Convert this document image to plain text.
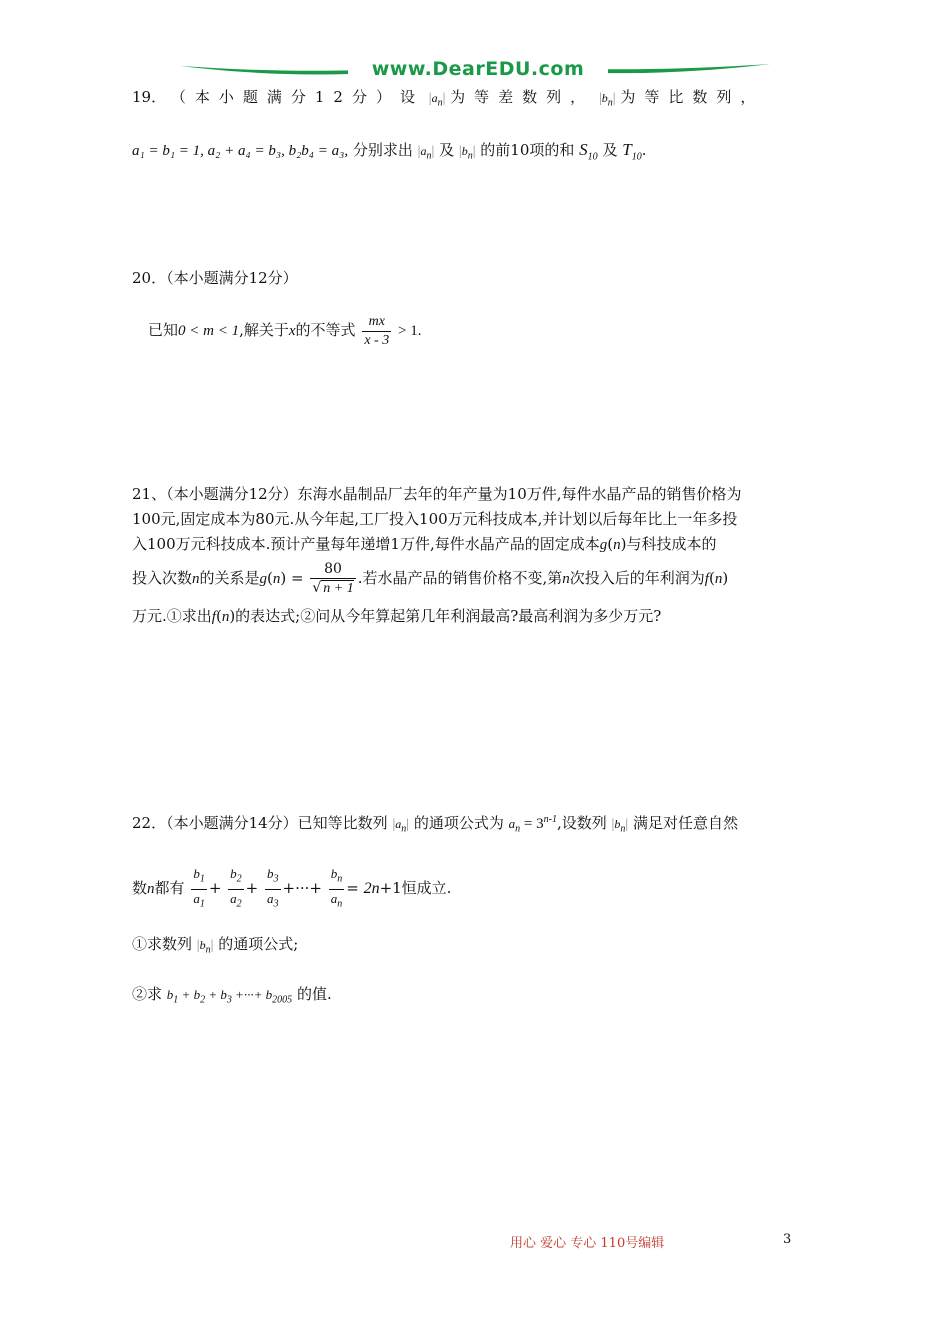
www.DearEDU.com
19． （本小题满分12分）设 $|a_n|$ 为等差数列， $|b_n|$ 为等比数列，
a₁ = b₁ = 1, a₂ + a₄ = b₃, b₂b₄ = a₃, 分别求出 $|a_n|$ 及 $|b_n|$ 的前10项的和 $S_{10}$ 及 $T_{10}$.
20．（本小题满分12分）
已知0 < m < 1,解关于x的不等式 $\frac{mx}{x - 3} > 1$.
21、（本小题满分12分）东海水晶制品厂去年的年产量为10万件,每件水晶产品的销售价格为
100元,固定成本为80元.从今年起,工厂投入100万元科技成本,并计划以后每年比上一年多投
入100万元科技成本.预计产量每年递增1万件,每件水晶产品的固定成本g(n)与科技成本的
投入次数n的关系是$g(n) = \frac{80}{√ n + 1}$ .若水晶产品的销售价格不变,第n次投入后的年利润为f(n)
万元.①求出f(n)的表达式;②问从今年算起第几年利润最高?最高利润为多少万元?
22．（本小题满分14分）已知等比数列 $|a_n|$ 的通项公式为 $a_n = 3^{n-1}$,设数列 $|b_n|$ 满足对任意自然
数n都有 $\frac{b_1}{a_1} + \frac{b_2}{a_2} + \frac{b_3}{a_3}$ +···+ $\frac{b_n}{a_n} = 2n+1$恒成立.
①求数列 $|b_n|$ 的通项公式;
②求 $b_1 + b_2 + b_3$ +···+ $b_{2005}$ 的值.
用心 爱心 专心 110号编辑	3
